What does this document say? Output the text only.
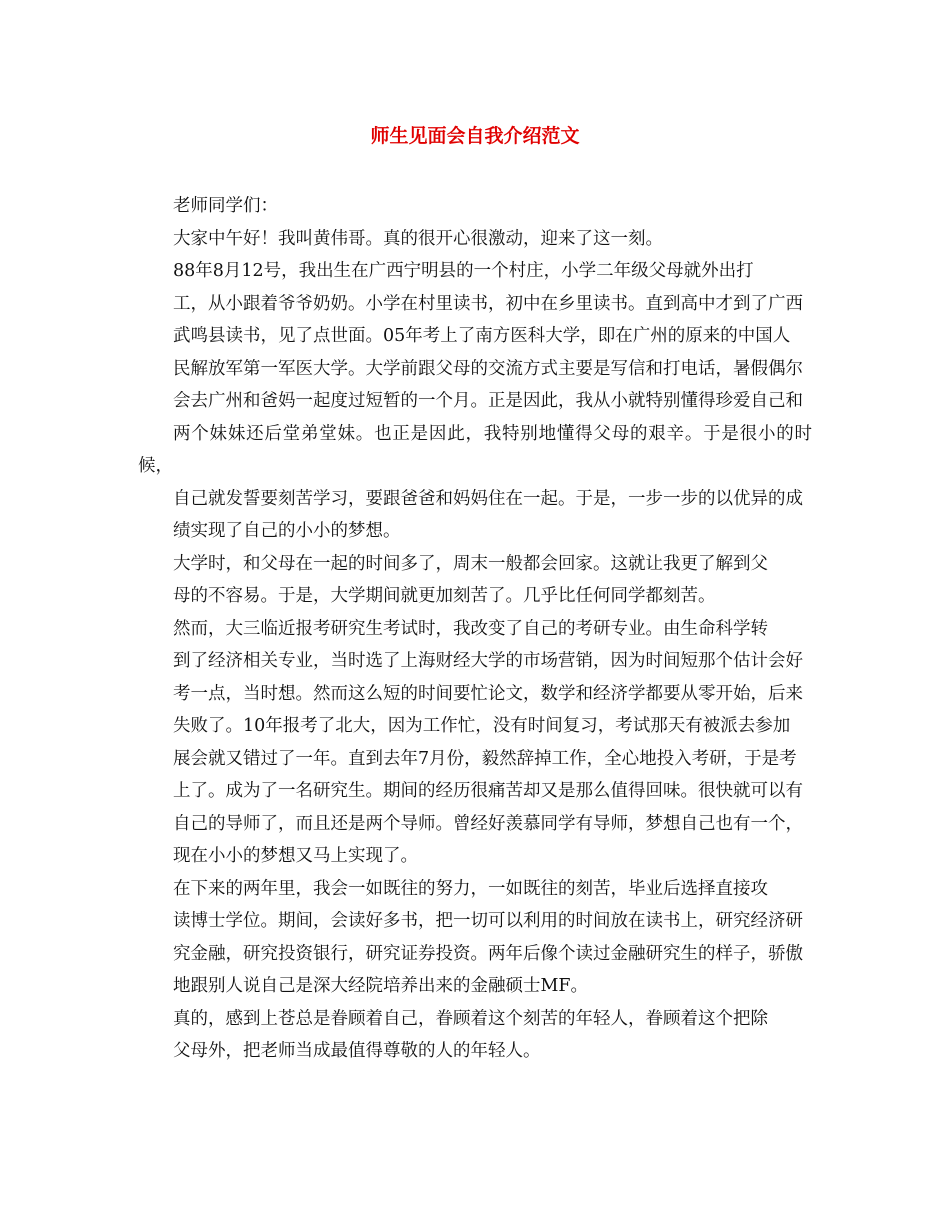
师生见面会自我介绍范文

老师同学们：

大家中午好！我叫黄伟哥。真的很开心很激动，迎来了这一刻。

88年8月12号，我出生在广西宁明县的一个村庄，小学二年级父母就外出打
工，从小跟着爷爷奶奶。小学在村里读书，初中在乡里读书。直到高中才到了广西
武鸣县读书，见了点世面。05年考上了南方医科大学，即在广州的原来的中国人
民解放军第一军医大学。大学前跟父母的交流方式主要是写信和打电话，暑假偶尔
会去广州和爸妈一起度过短暂的一个月。正是因此，我从小就特别懂得珍爱自己和
两个妹妹还后堂弟堂妹。也正是因此，我特别地懂得父母的艰辛。于是很小的时候，
自己就发誓要刻苦学习，要跟爸爸和妈妈住在一起。于是，一步一步的以优异的成
绩实现了自己的小小的梦想。

大学时，和父母在一起的时间多了，周末一般都会回家。这就让我更了解到父
母的不容易。于是，大学期间就更加刻苦了。几乎比任何同学都刻苦。

然而，大三临近报考研究生考试时，我改变了自己的考研专业。由生命科学转
到了经济相关专业，当时选了上海财经大学的市场营销，因为时间短那个估计会好
考一点，当时想。然而这么短的时间要忙论文，数学和经济学都要从零开始，后来
失败了。10年报考了北大，因为工作忙，没有时间复习，考试那天有被派去参加
展会就又错过了一年。直到去年7月份，毅然辞掉工作，全心地投入考研，于是考
上了。成为了一名研究生。期间的经历很痛苦却又是那么值得回味。很快就可以有
自己的导师了，而且还是两个导师。曾经好羡慕同学有导师，梦想自己也有一个，
现在小小的梦想又马上实现了。

在下来的两年里，我会一如既往的努力，一如既往的刻苦，毕业后选择直接攻
读博士学位。期间，会读好多书，把一切可以利用的时间放在读书上，研究经济研
究金融，研究投资银行，研究证券投资。两年后像个读过金融研究生的样子，骄傲
地跟别人说自己是深大经院培养出来的金融硕士MF。

真的，感到上苍总是眷顾着自己，眷顾着这个刻苦的年轻人，眷顾着这个把除
父母外，把老师当成最值得尊敬的人的年轻人。
